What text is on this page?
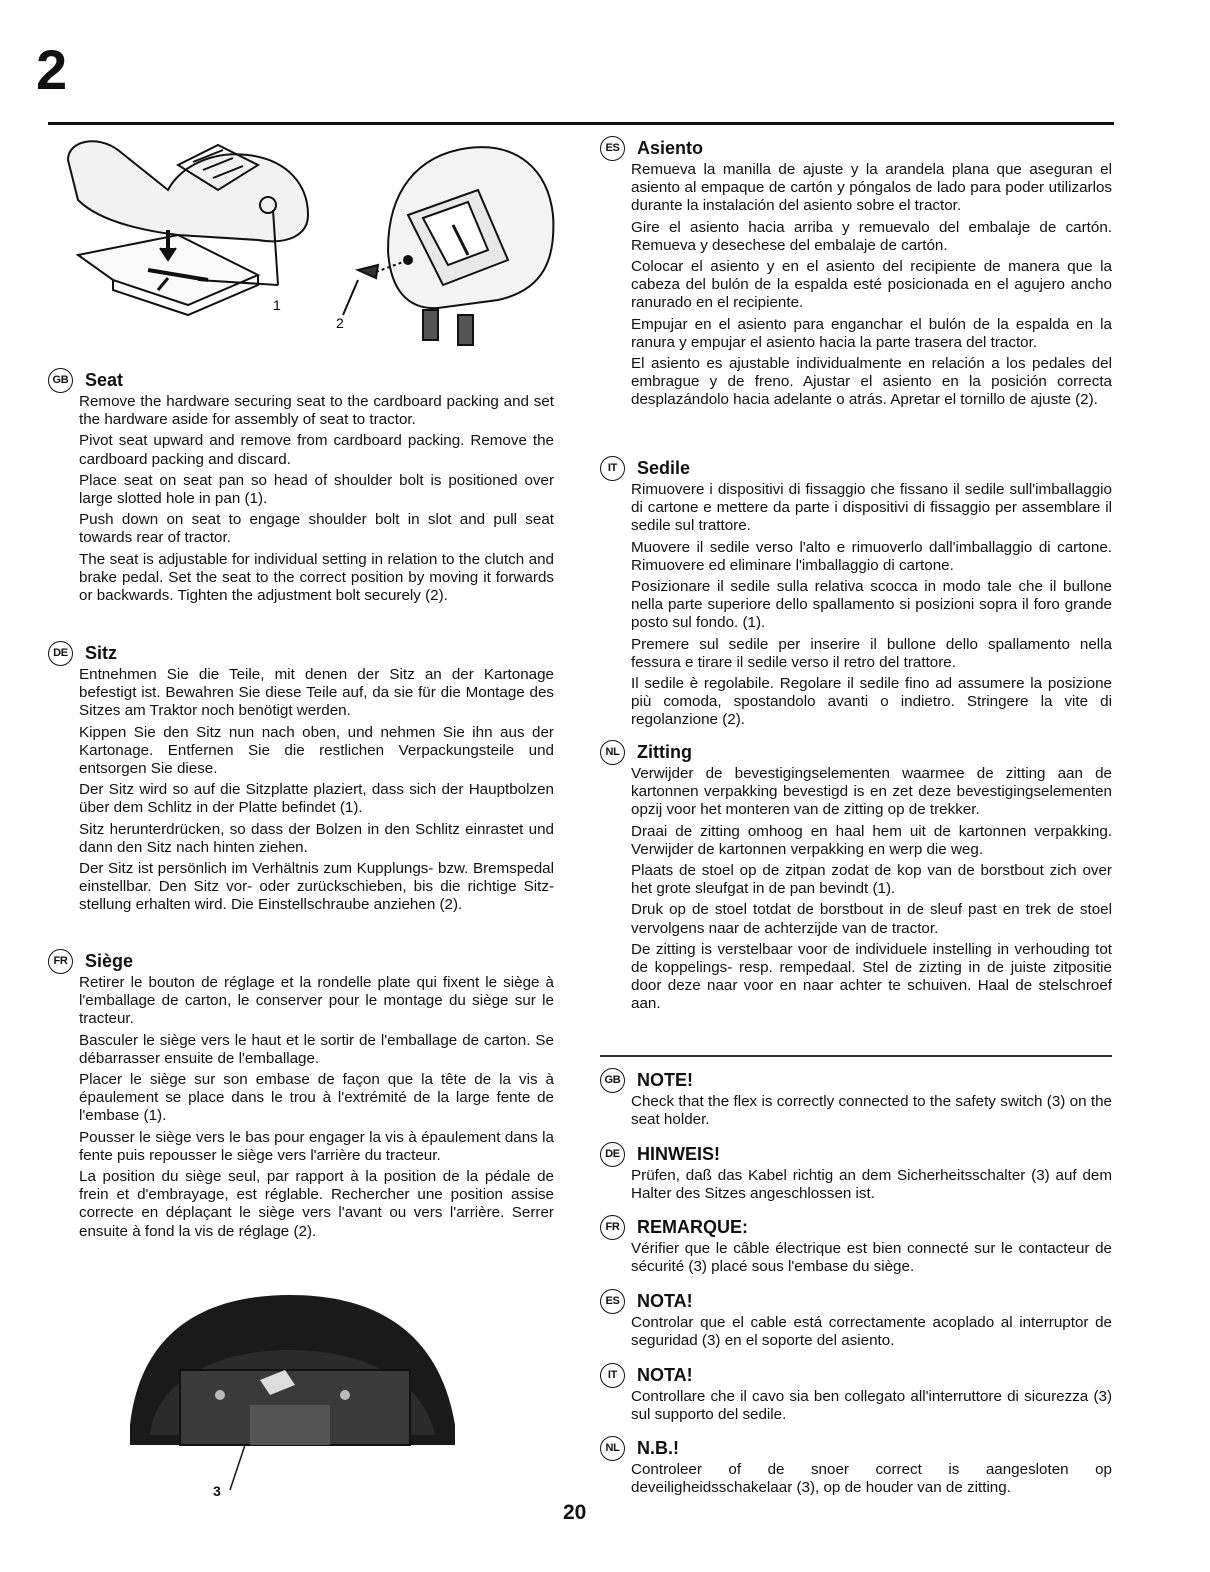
2
1
2
GB Seat

Remove the hardware securing seat to the cardboard packing and set the hardware aside for assembly of seat to tractor.

Pivot seat upward and remove from cardboard packing. Remove the cardboard packing and discard.

Place seat on seat pan so head of shoulder bolt is positioned over large slotted hole in pan (1).

Push down on seat to engage shoulder bolt in slot and pull seat towards rear of tractor.

The seat is adjustable for individual setting in relation to the clutch and brake pedal. Set the seat to the correct position by moving it forwards or backwards. Tighten the adjustment bolt securely (2).

DE Sitz

Entnehmen Sie die Teile, mit denen der Sitz an der Kartonage befestigt ist. Bewahren Sie diese Teile auf, da sie für die Montage des Sitzes am Traktor noch benötigt werden.

Kippen Sie den Sitz nun nach oben, und nehmen Sie ihn aus der Kartonage. Entfernen Sie die restlichen Verpackungsteile und entsorgen Sie diese.

Der Sitz wird so auf die Sitzplatte plaziert, dass sich der Hauptbolzen über dem Schlitz in der Platte befindet (1).

Sitz herunterdrücken, so dass der Bolzen in den Schlitz einrastet und dann den Sitz nach hinten ziehen.

Der Sitz ist persönlich im Verhältnis zum Kupplungs- bzw. Bremspedal einstellbar. Den Sitz vor- oder zurückschieben, bis die richtige Sitz-stellung erhalten wird. Die Einstellschraube anziehen (2).

FR Siège

Retirer le bouton de réglage et la rondelle plate qui fixent le siège à l'emballage de carton, le conserver pour le montage du siège sur le tracteur.

Basculer le siège vers le haut et le sortir de l'emballage de carton. Se débarrasser ensuite de l'emballage.

Placer le siège sur son embase de façon que la tête de la vis à épaulement se place dans le trou à l'extrémité de la large fente de l'embase (1).

Pousser le siège vers le bas pour engager la vis à épaulement dans la fente puis repousser le siège vers l'arrière du tracteur.

La position du siège seul, par rapport à la position de la pédale de frein et d'embrayage, est réglable. Rechercher une position assise correcte en déplaçant le siège vers l'avant ou vers l'arrière. Serrer ensuite à fond la vis de réglage (2).

3
ES Asiento

Remueva la manilla de ajuste y la arandela plana que aseguran el asiento al empaque de cartón y póngalos de lado para poder utilizarlos durante la instalación del asiento sobre el tractor.

Gire el asiento hacia arriba y remuevalo del embalaje de cartón. Remueva y desechese del embalaje de cartón.

Colocar el asiento y en el asiento del recipiente de manera que la cabeza del bulón de la espalda esté posicionada en el agujero ancho ranurado en el recipiente.

Empujar en el asiento para enganchar el bulón de la espalda en la ranura y empujar el asiento hacia la parte trasera del tractor.

El asiento es ajustable individualmente en relación a los pedales del embrague y de freno. Ajustar el asiento en la posición correcta desplazándolo hacia adelante o atrás. Apretar el tornillo de ajuste (2).

IT	Sedile

Rimuovere i dispositivi di fissaggio che fissano il sedile sull'imballaggio di cartone e mettere da parte i dispositivi di fissaggio per assemblare il sedile sul trattore.

Muovere il sedile verso l'alto e rimuoverlo dall'imballaggio di cartone. Rimuovere ed eliminare l'imballaggio di cartone.

Posizionare il sedile sulla relativa scocca in modo tale che il bullone nella parte superiore dello spallamento si posizioni sopra il foro grande posto sul fondo. (1).

Premere sul sedile per inserire il bullone dello spallamento nella fessura e tirare il sedile verso il retro del trattore.

Il sedile è regolabile. Regolare il sedile fino ad assumere la posizione più comoda, spostandolo avanti o indietro. Stringere la vite di regolanzione (2).

NL Zitting

Verwijder de bevestigingselementen waarmee de zitting aan de kartonnen verpakking bevestigd is en zet deze bevestigingselementen opzij voor het monteren van de zitting op de trekker.

Draai de zitting omhoog en haal hem uit de kartonnen verpakking. Verwijder de kartonnen verpakking en werp die weg.

Plaats de stoel op de zitpan zodat de kop van de borstbout zich over het grote sleufgat in de pan bevindt (1).

Druk op de stoel totdat de borstbout in de sleuf past en trek de stoel vervolgens naar de achterzijde van de tractor.

De zitting is verstelbaar voor de individuele instelling in verhouding tot de koppelings- resp. rempedaal. Stel de zizting in de juiste zitpositie door deze naar voor en naar achter te schuiven. Haal de stelschroef aan.

GB NOTE!

Check that the flex is correctly connected to the safety switch (3) on the seat holder.

DE HINWEIS!

Prüfen, daß das Kabel richtig an dem Sicherheitsschalter (3) auf dem Halter des Sitzes angeschlossen ist.

FR REMARQUE:

Vérifier que le câble électrique est bien connecté sur le contacteur de sécurité (3) placé sous l'embase du siège.

ES NOTA!

Controlar que el cable está correctamente acoplado al interruptor de seguridad (3) en el soporte del asiento.

IT	NOTA!

Controllare che il cavo sia ben collegato all'interruttore di sicurezza (3) sul supporto del sedile.

NL N.B.!

Controleer of de snoer correct is aangesloten op deveiligheidsschakelaar (3), op de houder van de zitting.

20
